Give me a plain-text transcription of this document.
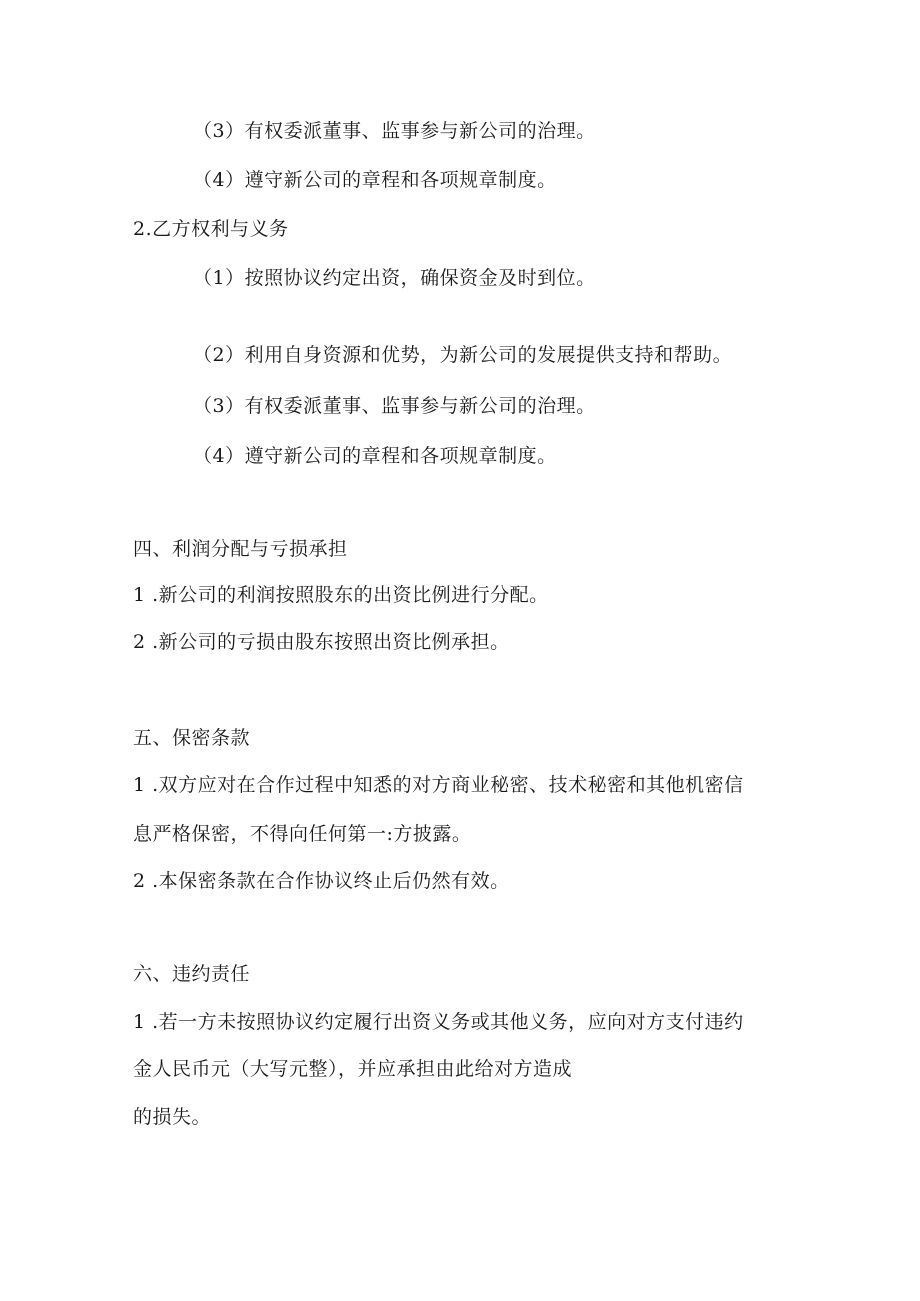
（3）有权委派董事、监事参与新公司的治理。
（4）遵守新公司的章程和各项规章制度。
2.乙方权利与义务
（1）按照协议约定出资，确保资金及时到位。
（2）利用自身资源和优势，为新公司的发展提供支持和帮助。
（3）有权委派董事、监事参与新公司的治理。
（4）遵守新公司的章程和各项规章制度。
四、利润分配与亏损承担
1 .新公司的利润按照股东的出资比例进行分配。
2 .新公司的亏损由股东按照出资比例承担。
五、保密条款
1 .双方应对在合作过程中知悉的对方商业秘密、技术秘密和其他机密信
息严格保密，不得向任何第一:方披露。
2 .本保密条款在合作协议终止后仍然有效。
六、违约责任
1 .若一方未按照协议约定履行出资义务或其他义务，应向对方支付违约
金人民币元（大写元整），并应承担由此给对方造成
的损失。
